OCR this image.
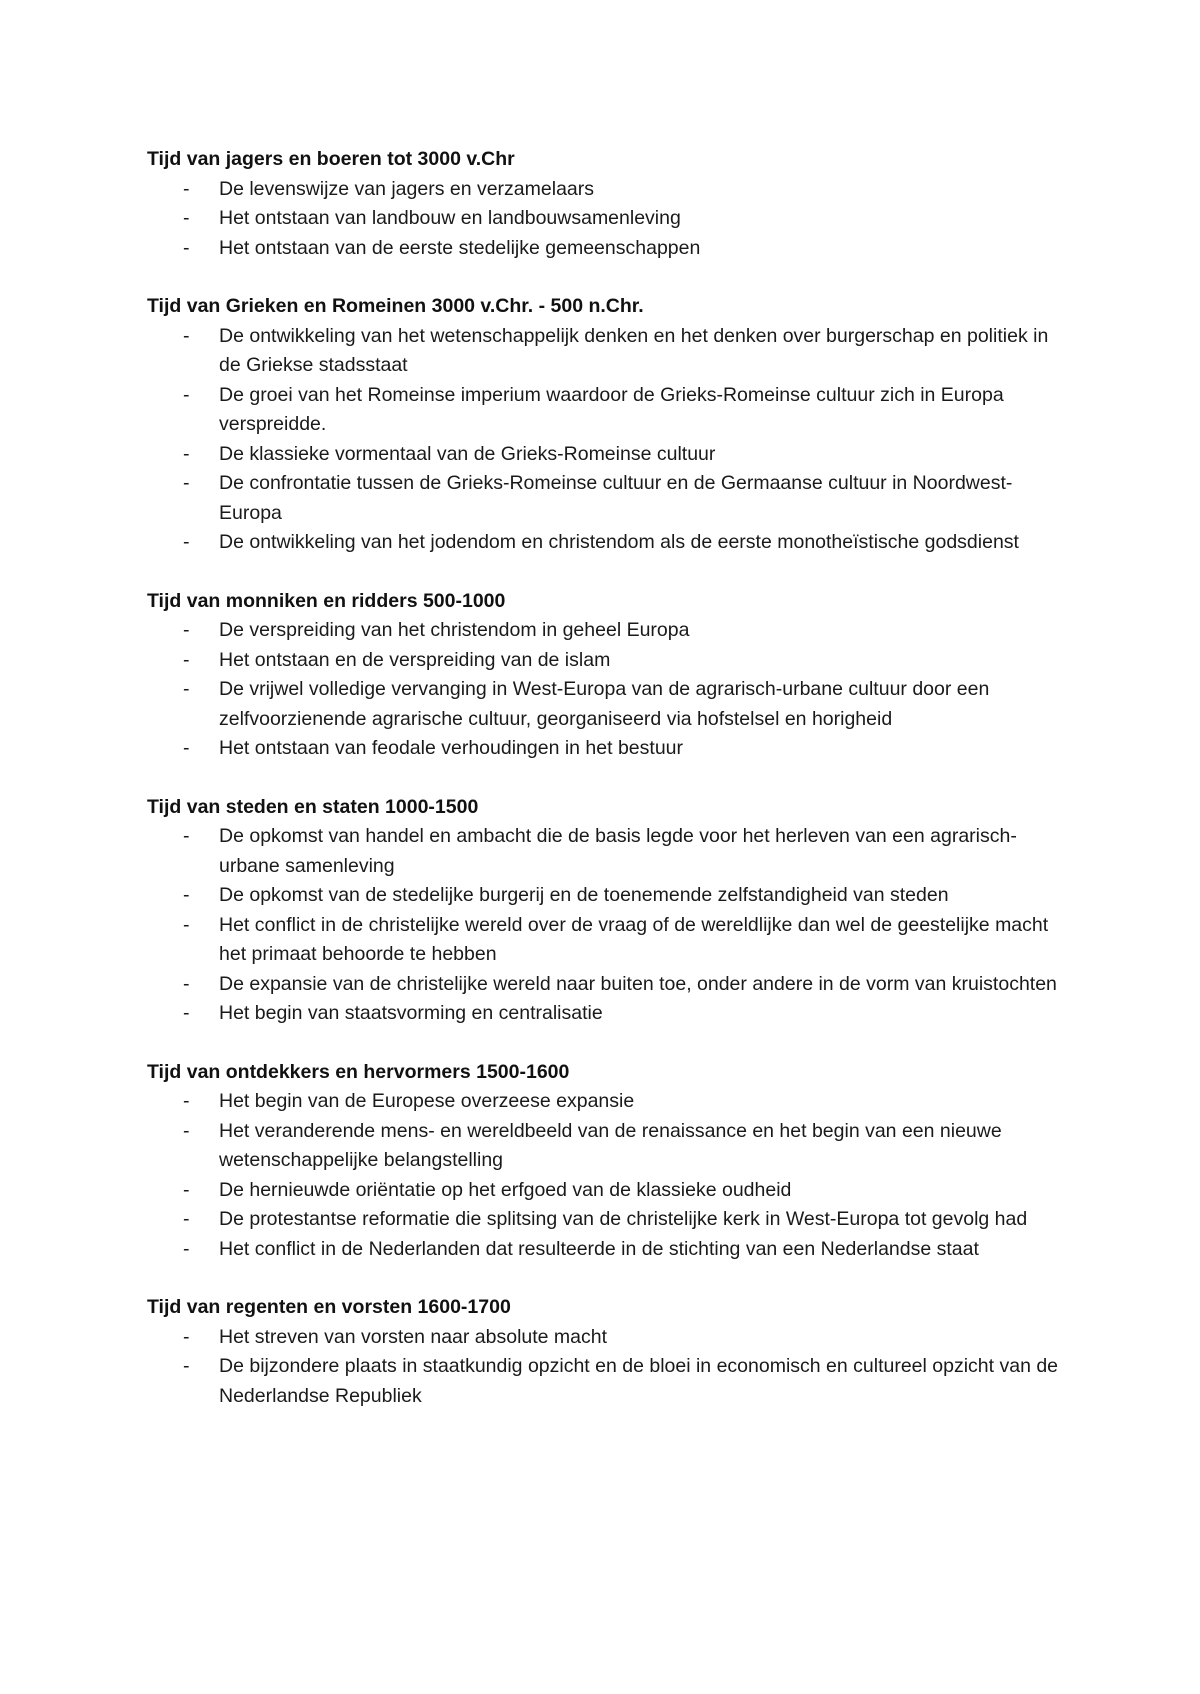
Tijd van jagers en boeren tot 3000 v.Chr
- De levenswijze van jagers en verzamelaars
- Het ontstaan van landbouw en landbouwsamenleving
- Het ontstaan van de eerste stedelijke gemeenschappen
Tijd van Grieken en Romeinen 3000 v.Chr. - 500 n.Chr.
- De ontwikkeling van het wetenschappelijk denken en het denken over burgerschap en politiek in de Griekse stadsstaat
- De groei van het Romeinse imperium waardoor de Grieks-Romeinse cultuur zich in Europa verspreidde.
- De klassieke vormentaal van de Grieks-Romeinse cultuur
- De confrontatie tussen de Grieks-Romeinse cultuur en de Germaanse cultuur in Noordwest-Europa
- De ontwikkeling van het jodendom en christendom als de eerste monotheïstische godsdienst
Tijd van monniken en ridders 500-1000
- De verspreiding van het christendom in geheel Europa
- Het ontstaan en de verspreiding van de islam
- De vrijwel volledige vervanging in West-Europa van de agrarisch-urbane cultuur door een zelfvoorzienende agrarische cultuur, georganiseerd via hofstelsel en horigheid
- Het ontstaan van feodale verhoudingen in het bestuur
Tijd van steden en staten 1000-1500
- De opkomst van handel en ambacht die de basis legde voor het herleven van een agrarisch-urbane samenleving
- De opkomst van de stedelijke burgerij en de toenemende zelfstandigheid van steden
- Het conflict in de christelijke wereld over de vraag of de wereldlijke dan wel de geestelijke macht het primaat behoorde te hebben
- De expansie van de christelijke wereld naar buiten toe, onder andere in de vorm van kruistochten
- Het begin van staatsvorming en centralisatie
Tijd van ontdekkers en hervormers 1500-1600
- Het begin van de Europese overzeese expansie
- Het veranderende mens- en wereldbeeld van de renaissance en het begin van een nieuwe wetenschappelijke belangstelling
- De hernieuwde oriëntatie op het erfgoed van de klassieke oudheid
- De protestantse reformatie die splitsing van de christelijke kerk in West-Europa tot gevolg had
- Het conflict in de Nederlanden dat resulteerde in de stichting van een Nederlandse staat
Tijd van regenten en vorsten 1600-1700
- Het streven van vorsten naar absolute macht
- De bijzondere plaats in staatkundig opzicht en de bloei in economisch en cultureel opzicht van de Nederlandse Republiek
